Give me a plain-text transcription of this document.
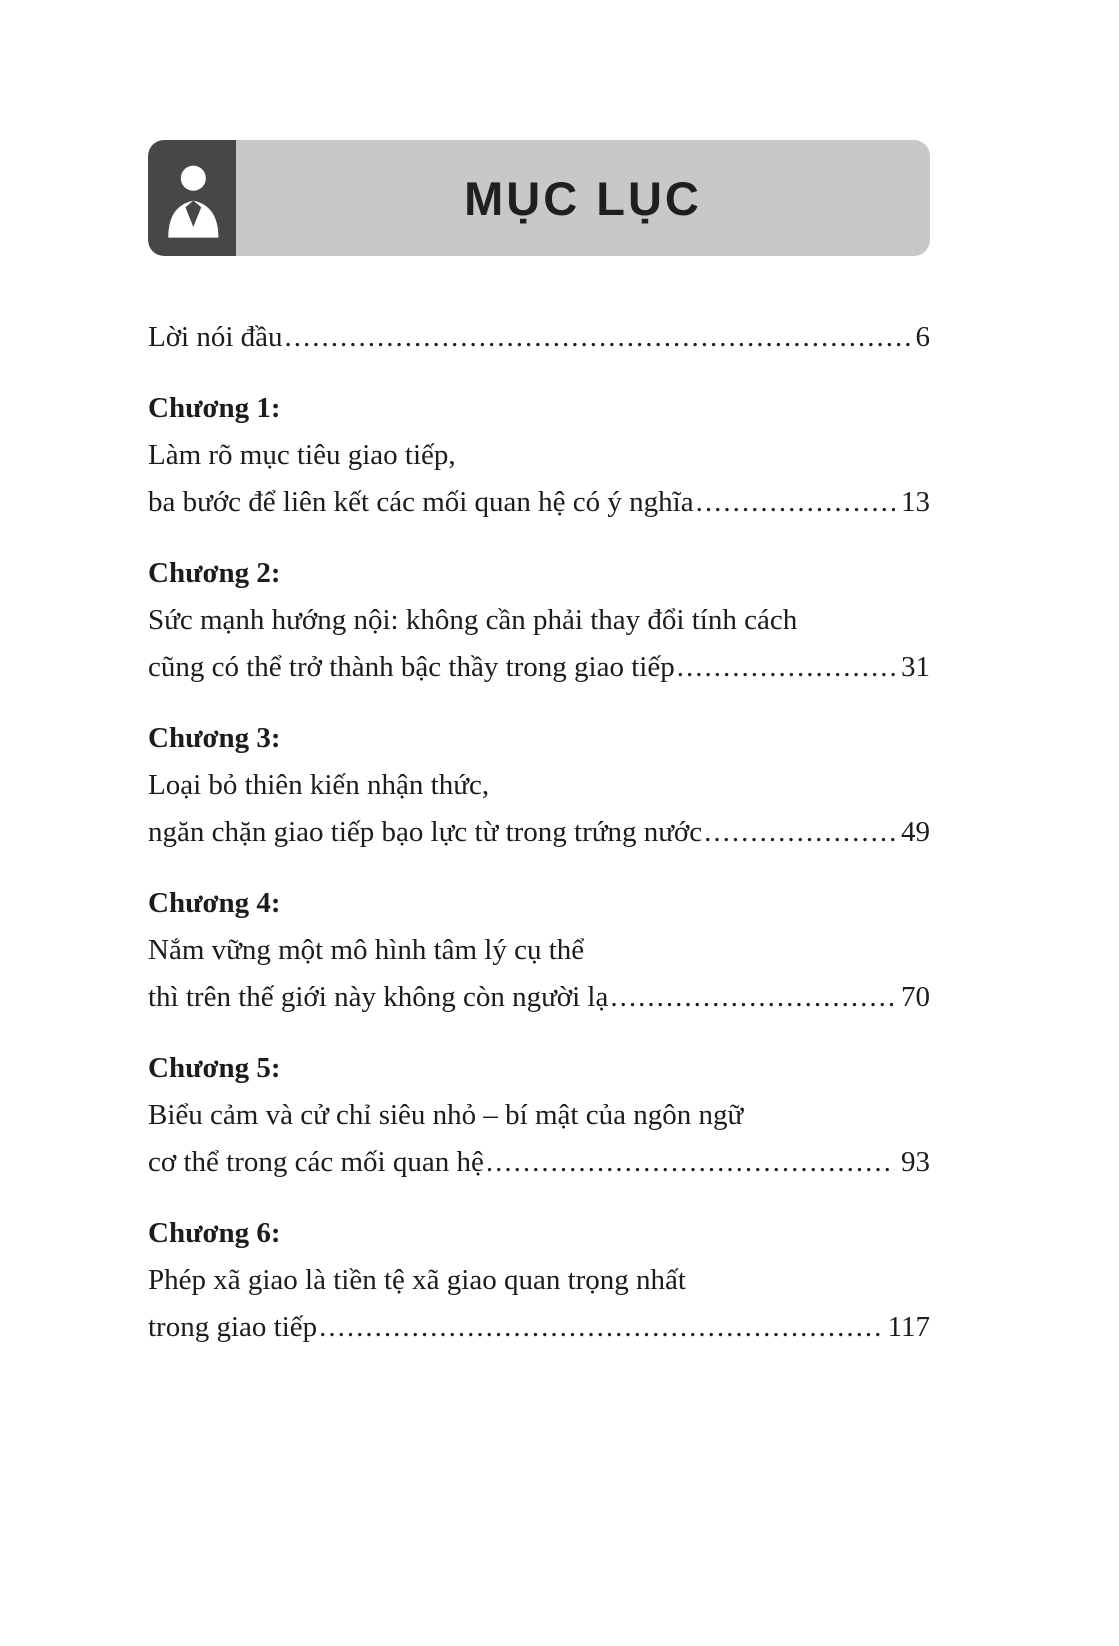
MỤC LỤC
Lời nói đầu .....	6
Chương 1:
Làm rõ mục tiêu giao tiếp,
ba bước để liên kết các mối quan hệ có ý nghĩa .....	13
Chương 2:
Sức mạnh hướng nội: không cần phải thay đổi tính cách
cũng có thể trở thành bậc thầy trong giao tiếp .....	31
Chương 3:
Loại bỏ thiên kiến nhận thức,
ngăn chặn giao tiếp bạo lực từ trong trứng nước .....	49
Chương 4:
Nắm vững một mô hình tâm lý cụ thể
thì trên thế giới này không còn người lạ .....	70
Chương 5:
Biểu cảm và cử chỉ siêu nhỏ – bí mật của ngôn ngữ
cơ thể trong các mối quan hệ .....	93
Chương 6:
Phép xã giao là tiền tệ xã giao quan trọng nhất
trong giao tiếp .....	117
